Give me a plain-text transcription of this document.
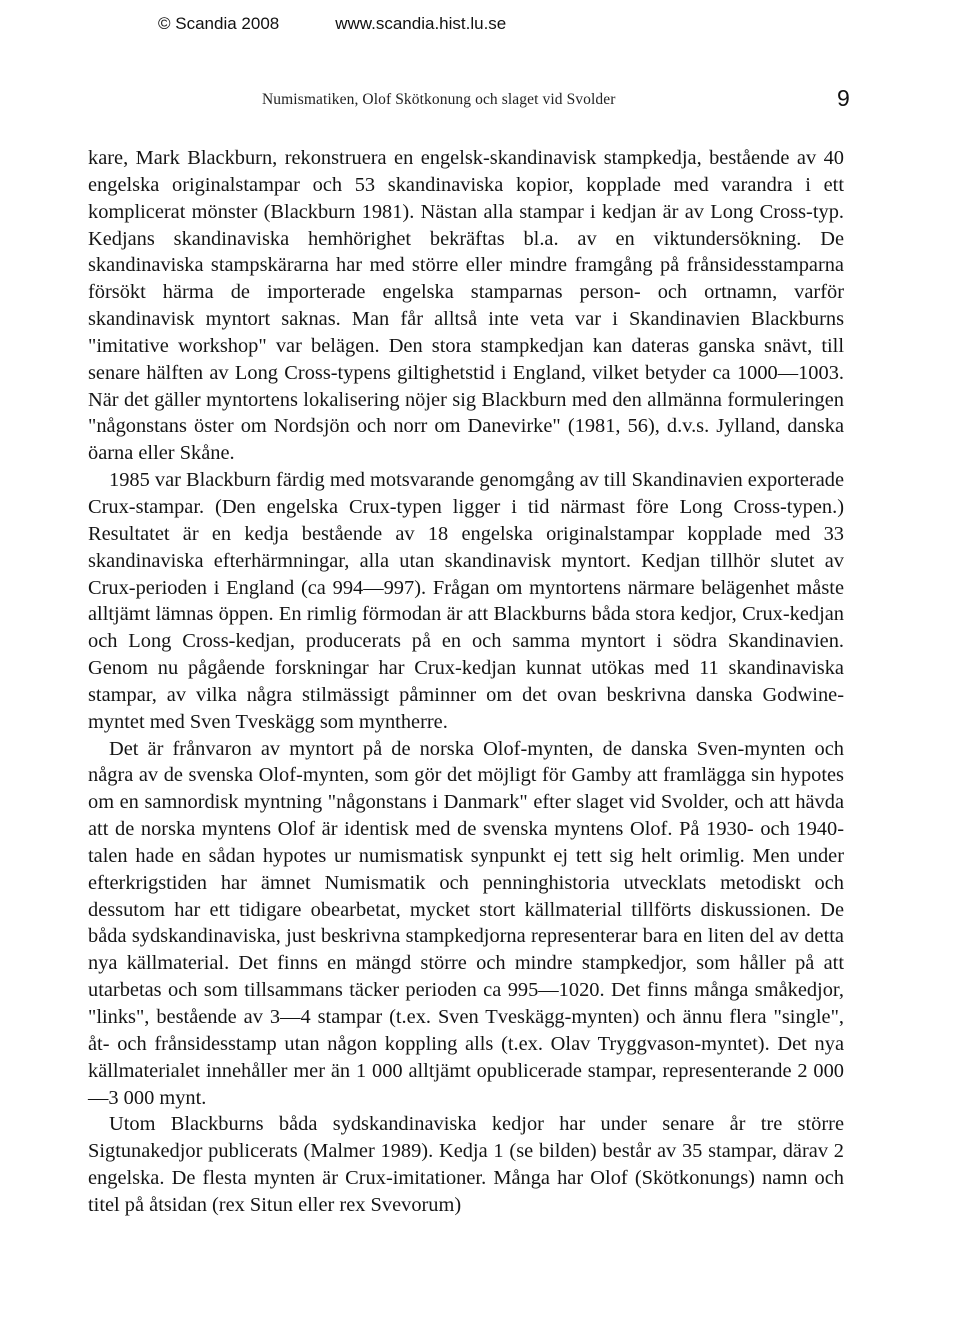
© Scandia 2008	www.scandia.hist.lu.se
Numismatiken, Olof Skötkonung och slaget vid Svolder	9

kare, Mark Blackburn, rekonstruera en engelsk-skandinavisk stampkedja, bestående av 40 engelska originalstampar och 53 skandinaviska kopior, kopplade med varandra i ett komplicerat mönster (Blackburn 1981). Nästan alla stampar i kedjan är av Long Cross-typ. Kedjans skandinaviska hemhörighet bekräftas bl.a. av en viktundersökning. De skandinaviska stampskärarna har med större eller mindre framgång på frånsidesstamparna försökt härma de importerade engelska stamparnas person- och ortnamn, varför skandinavisk myntort saknas. Man får alltså inte veta var i Skandinavien Blackburns "imitative workshop" var belägen. Den stora stampkedjan kan dateras ganska snävt, till senare hälften av Long Cross-typens giltighetstid i England, vilket betyder ca 1000—1003. När det gäller myntortens lokalisering nöjer sig Blackburn med den allmänna formuleringen "någonstans öster om Nordsjön och norr om Danevirke" (1981, 56), d.v.s. Jylland, danska öarna eller Skåne.

1985 var Blackburn färdig med motsvarande genomgång av till Skandinavien exporterade Crux-stampar. (Den engelska Crux-typen ligger i tid närmast före Long Cross-typen.) Resultatet är en kedja bestående av 18 engelska originalstampar kopplade med 33 skandinaviska efterhärmningar, alla utan skandinavisk myntort. Kedjan tillhör slutet av Crux-perioden i England (ca 994—997). Frågan om myntortens närmare belägenhet måste alltjämt lämnas öppen. En rimlig förmodan är att Blackburns båda stora kedjor, Crux-kedjan och Long Cross-kedjan, producerats på en och samma myntort i södra Skandinavien. Genom nu pågående forskningar har Crux-kedjan kunnat utökas med 11 skandinaviska stampar, av vilka några stilmässigt påminner om det ovan beskrivna danska Godwine-myntet med Sven Tveskägg som myntherre.

Det är frånvaron av myntort på de norska Olof-mynten, de danska Sven-mynten och några av de svenska Olof-mynten, som gör det möjligt för Gamby att framlägga sin hypotes om en samnordisk myntning "någonstans i Danmark" efter slaget vid Svolder, och att hävda att de norska myntens Olof är identisk med de svenska myntens Olof. På 1930- och 1940-talen hade en sådan hypotes ur numismatisk synpunkt ej tett sig helt orimlig. Men under efterkrigstiden har ämnet Numismatik och penninghistoria utvecklats metodiskt och dessutom har ett tidigare obearbetat, mycket stort källmaterial tillförts diskussionen. De båda sydskandinaviska, just beskrivna stampkedjorna representerar bara en liten del av detta nya källmaterial. Det finns en mängd större och mindre stampkedjor, som håller på att utarbetas och som tillsammans täcker perioden ca 995—1020. Det finns många småkedjor, "links", bestående av 3—4 stampar (t.ex. Sven Tveskägg-mynten) och ännu flera "single", åt- och frånsidesstamp utan någon koppling alls (t.ex. Olav Tryggvason-myntet). Det nya källmaterialet innehåller mer än 1 000 alltjämt opublicerade stampar, representerande 2 000—3 000 mynt.

Utom Blackburns båda sydskandinaviska kedjor har under senare år tre större Sigtunakedjor publicerats (Malmer 1989). Kedja 1 (se bilden) består av 35 stampar, därav 2 engelska. De flesta mynten är Crux-imitationer. Många har Olof (Skötkonungs) namn och titel på åtsidan (rex Situn eller rex Svevorum)
